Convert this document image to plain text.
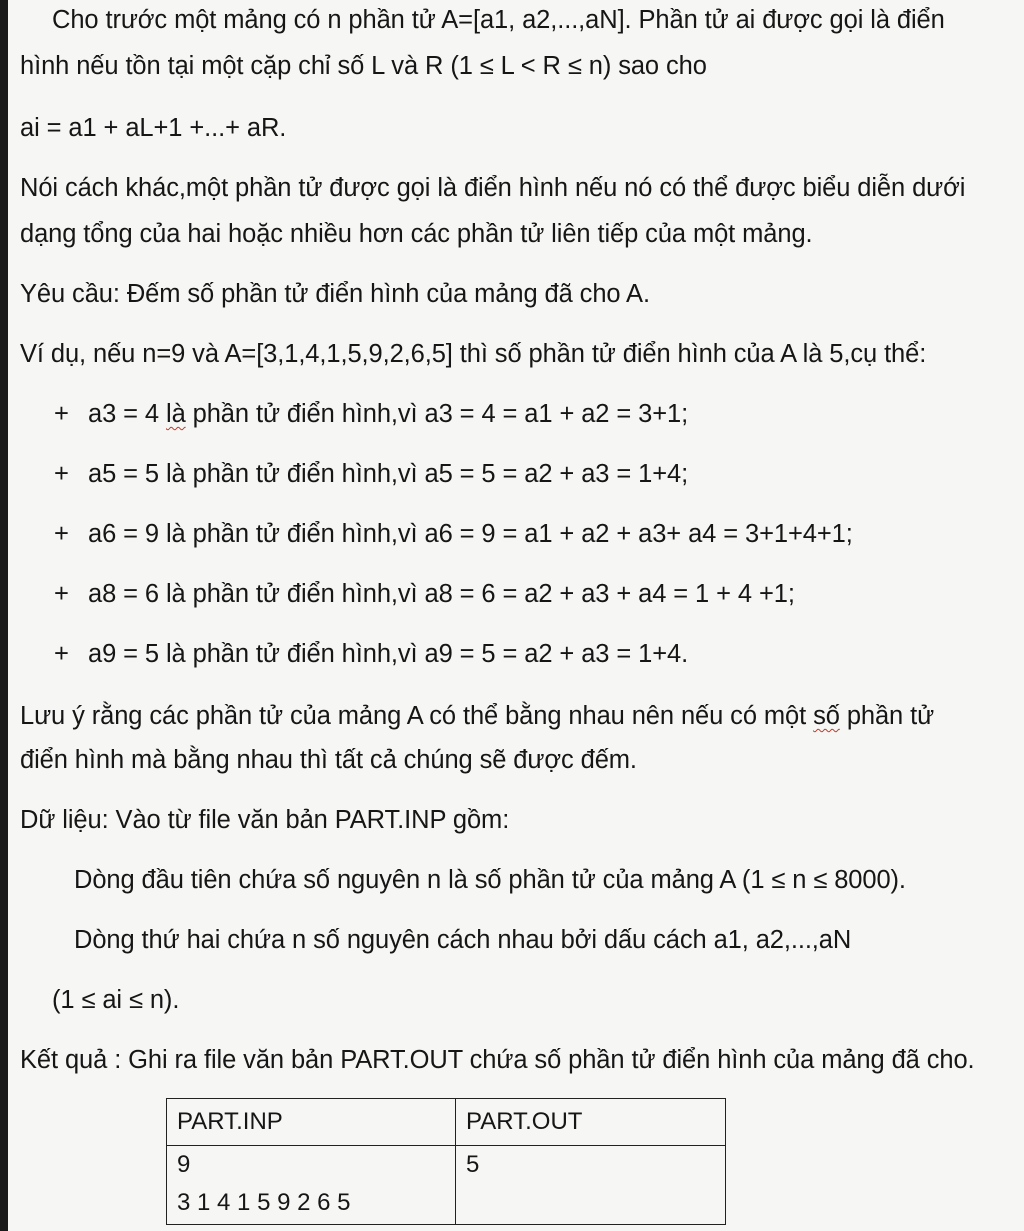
Cho trước một mảng có n phần tử A=[a1, a2,...,aN]. Phần tử ai được gọi là điển
hình nếu tồn tại một cặp chỉ số L và R (1 ≤ L < R ≤ n) sao cho
ai = a1 + aL+1 +...+ aR.
Nói cách khác,một phần tử được gọi là điển hình nếu nó có thể được biểu diễn dưới
dạng tổng của hai hoặc nhiều hơn các phần tử liên tiếp của một mảng.
Yêu cầu: Đếm số phần tử điển hình của mảng đã cho A.
Ví dụ, nếu n=9 và A=[3,1,4,1,5,9,2,6,5] thì số phần tử điển hình của A là 5,cụ thể:
+ a3 = 4 là phần tử điển hình,vì a3 = 4 = a1 + a2 = 3+1;
+ a5 = 5 là phần tử điển hình,vì a5 = 5 = a2 + a3 = 1+4;
+ a6 = 9 là phần tử điển hình,vì a6 = 9 = a1 + a2 + a3+ a4 = 3+1+4+1;
+ a8 = 6 là phần tử điển hình,vì a8 = 6 = a2 + a3 + a4 = 1 + 4 +1;
+ a9 = 5 là phần tử điển hình,vì a9 = 5 = a2 + a3 = 1+4.
Lưu ý rằng các phần tử của mảng A có thể bằng nhau nên nếu có một số phần tử
điển hình mà bằng nhau thì tất cả chúng sẽ được đếm.
Dữ liệu: Vào từ file văn bản PART.INP gồm:
Dòng đầu tiên chứa số nguyên n là số phần tử của mảng A (1 ≤ n ≤ 8000).
Dòng thứ hai chứa n số nguyên cách nhau bởi dấu cách a1, a2,...,aN
(1 ≤ ai ≤ n).
Kết quả : Ghi ra file văn bản PART.OUT chứa số phần tử điển hình của mảng đã cho.
PART.INP	PART.OUT

9
3 1 4 1 5 9 2 6 5	5
